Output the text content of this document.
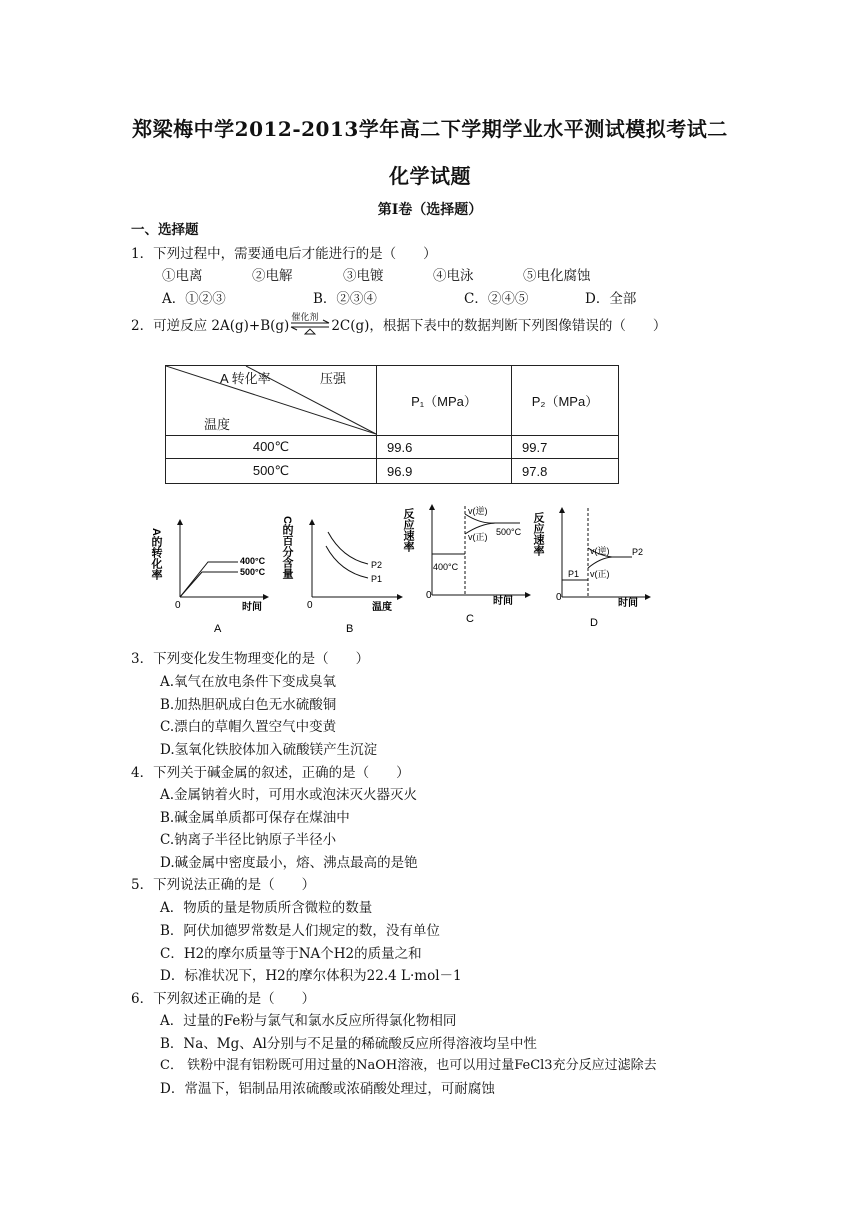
郑梁梅中学2012-2013学年高二下学期学业水平测试模拟考试二
化学试题
第Ⅰ卷（选择题）
一、选择题
1．下列过程中，需要通电后才能进行的是（　　）
①电离	②电解	③电镀	④电泳	⑤电化腐蚀
A．①②③	B．②③④	C．②④⑤	D．全部
2．可逆反应 2A(g)+B(g)
催化剂
2C(g)，根据下表中的数据判断下列图像错误的（　　）
A 转化率 压强
温度	P₁（MPa）	P₂（MPa）
400℃	99.6	99.7
500℃	96.9	97.8
A的转化率	400°C
500°C
0	时间
A
C的百分含量	P2
P1
0	温度
B
反应速率	v(逆)
v(正) 500°C
400°C
0
时间
C
反应速率	v(逆)
v(正)
P1
P2
0
时间
D
3．下列变化发生物理变化的是（　　）
A.氧气在放电条件下变成臭氧
B.加热胆矾成白色无水硫酸铜
C.漂白的草帽久置空气中变黄
D.氢氧化铁胶体加入硫酸镁产生沉淀
4．下列关于碱金属的叙述，正确的是（　　）
A.金属钠着火时，可用水或泡沫灭火器灭火
B.碱金属单质都可保存在煤油中
C.钠离子半径比钠原子半径小
D.碱金属中密度最小，熔、沸点最高的是铯
5．下列说法正确的是（　　）
A．物质的量是物质所含微粒的数量
B．阿伏加德罗常数是人们规定的数，没有单位
C．H2的摩尔质量等于NA个H2的质量之和
D．标准状况下，H2的摩尔体积为22.4 L·mol－1
6．下列叙述正确的是（　　）
A．过量的Fe粉与氯气和氯水反应所得氯化物相同
B．Na、Mg、Al分别与不足量的稀硫酸反应所得溶液均呈中性
C． 铁粉中混有铝粉既可用过量的NaOH溶液，也可以用过量FeCl3充分反应过滤除去
D．常温下，铝制品用浓硫酸或浓硝酸处理过，可耐腐蚀
